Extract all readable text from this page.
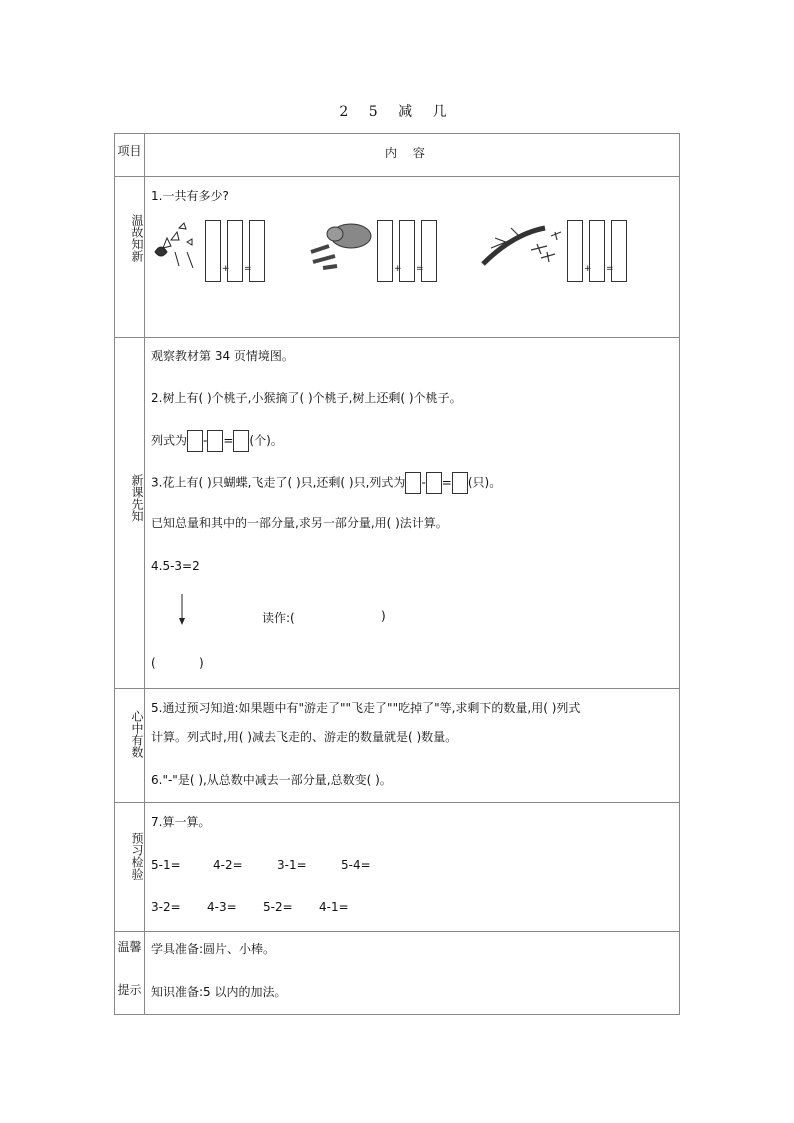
2 5 减 几
项目	内 容
温故知新
1.一共有多少?
+ =	+ =	+ =
新课先知
观察教材第 34 页情境图。
2.树上有( )个桃子,小猴摘了( )个桃子,树上还剩( )个桃子。
列式为 - = (个)。
3.花上有( )只蝴蝶,飞走了( )只,还剩( )只,列式为 - = (只)。
已知总量和其中的一部分量,求另一部分量,用( )法计算。
4.5-3=2
读作:(	)
(	)
心中有数
5.通过预习知道:如果题中有"游走了""飞走了""吃掉了"等,求剩下的数量,用( )列式
计算。列式时,用( )减去飞走的、游走的数量就是( )数量。
6."-"是( ),从总数中减去一部分量,总数变( )。
预习检验
7.算一算。
5-1=	4-2=	3-1=	5-4=
3-2= 4-3= 5-2= 4-1=
温馨
提示
学具准备:圆片、小棒。
知识准备:5 以内的加法。
